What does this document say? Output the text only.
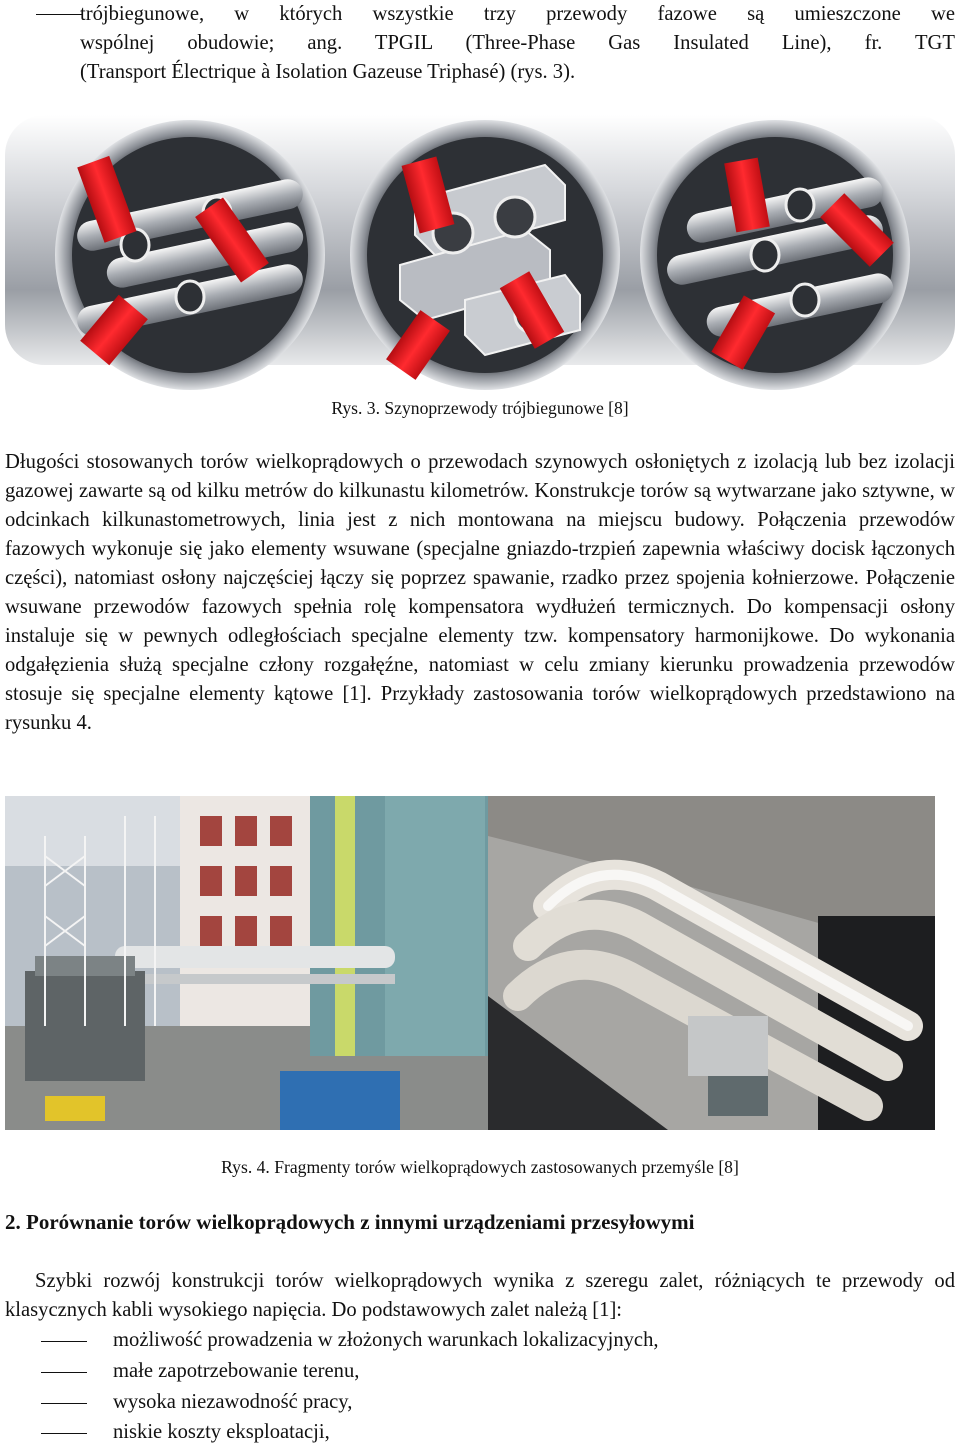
trójbiegunowe, w których wszystkie trzy przewody fazowe są umieszczone we
wspólnej obudowie; ang. TPGIL (Three-Phase Gas Insulated Line), fr. TGT
(Transport Électrique à Isolation Gazeuse Triphasé) (rys. 3).
Rys. 3. Szynoprzewody trójbiegunowe [8]
Długości stosowanych torów wielkoprądowych o przewodach szynowych osłoniętych z izolacją lub bez izolacji gazowej zawarte są od kilku metrów do kilkunastu kilometrów. Konstrukcje torów są wytwarzane jako sztywne, w odcinkach kilkunastometrowych, linia jest z nich montowana na miejscu budowy. Połączenia przewodów fazowych wykonuje się jako elementy wsuwane (specjalne gniazdo-trzpień zapewnia właściwy docisk łączonych części), natomiast osłony najczęściej łączy się poprzez spawanie, rzadko przez spojenia kołnierzowe. Połączenie wsuwane przewodów fazowych spełnia rolę kompensatora wydłużeń termicznych. Do kompensacji osłony instaluje się w pewnych odległościach specjalne elementy tzw. kompensatory harmonijkowe. Do wykonania odgałęzienia służą specjalne człony rozgałęźne, natomiast w celu zmiany kierunku prowadzenia przewodów stosuje się specjalne elementy kątowe [1]. Przykłady zastosowania torów wielkoprądowych przedstawiono na rysunku 4.
Rys. 4. Fragmenty torów wielkoprądowych zastosowanych przemyśle [8]
2. Porównanie torów wielkoprądowych z innymi urządzeniami przesyłowymi
Szybki rozwój konstrukcji torów wielkoprądowych wynika z szeregu zalet, różniących te przewody od klasycznych kabli wysokiego napięcia. Do podstawowych zalet należą [1]:
możliwość prowadzenia w złożonych warunkach lokalizacyjnych,
małe zapotrzebowanie terenu,
wysoka niezawodność pracy,
niskie koszty eksploatacji,
